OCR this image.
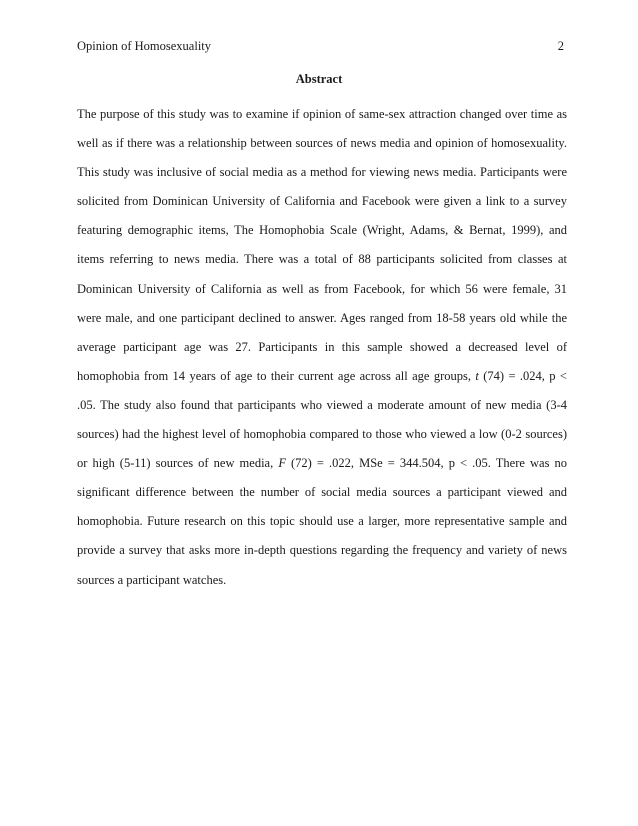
Opinion of Homosexuality	2
Abstract
The purpose of this study was to examine if opinion of same-sex attraction changed over time as
well as if there was a relationship between sources of news media and opinion of homosexuality.
This study was inclusive of social media as a method for viewing news media. Participants were
solicited from Dominican University of California and Facebook were given a link to a survey
featuring demographic items, The Homophobia Scale (Wright, Adams, & Bernat, 1999), and
items referring to news media. There was a total of 88 participants solicited from classes at
Dominican University of California as well as from Facebook, for which 56 were female, 31
were male, and one participant declined to answer. Ages ranged from 18-58 years old while the
average participant age was 27. Participants in this sample showed a decreased level of
homophobia from 14 years of age to their current age across all age groups, t (74) = .024, p <
.05. The study also found that participants who viewed a moderate amount of new media (3-4
sources) had the highest level of homophobia compared to those who viewed a low (0-2 sources)
or high (5-11) sources of new media, F (72) = .022, MSe = 344.504, p < .05. There was no
significant difference between the number of social media sources a participant viewed and
homophobia. Future research on this topic should use a larger, more representative sample and
provide a survey that asks more in-depth questions regarding the frequency and variety of news
sources a participant watches.
